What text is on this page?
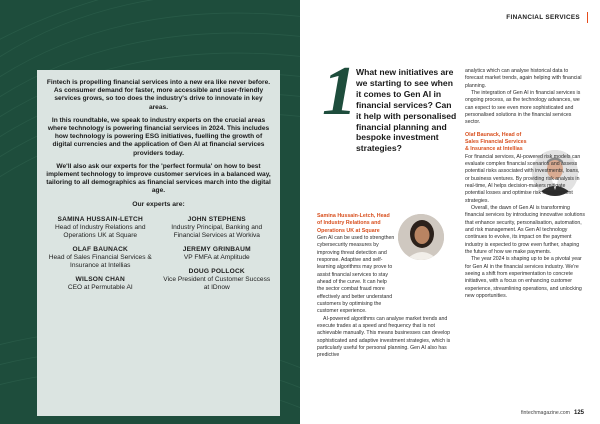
Fintech is propelling financial services into a new era like never before. As consumer demand for faster, more accessible and user-friendly services grows, so too does the industry's drive to innovate in key areas.

In this roundtable, we speak to industry experts on the crucial areas where technology is powering financial services in 2024. This includes how technology is powering ESG initiatives, fuelling the growth of digital currencies and the application of Gen AI at financial services providers today.

We'll also ask our experts for the 'perfect formula' on how to best implement technology to improve customer services in a balanced way, tailoring to all demographics as financial services march into the digital age.

Our experts are:
SAMINA HUSSAIN-LETCH
Head of Industry Relations and Operations UK at Square
OLAF BAUNACK
Head of Sales Financial Services & Insurance at Intellias
WILSON CHAN
CEO at Permutable AI
JOHN STEPHENS
Industry Principal, Banking and Financial Services at Workiva
JEREMY GRINBAUM
VP FMFA at Amplitude
DOUG POLLOCK
Vice President of Customer Success at IDnow
FINANCIAL SERVICES
1 What new initiatives are we starting to see when it comes to Gen AI in financial services? Can it help with personalised financial planning and bespoke investment strategies?
Samina Hussain-Letch, Head of Industry Relations and Operations UK at Square
Gen AI can be used to strengthen cybersecurity measures by improving threat detection and response. Adaptive and self-learning algorithms may prove to assist financial services to stay ahead of the curve. It can help the sector combat fraud more effectively and better understand customers by optimising the customer experience.
AI-powered algorithms can analyse market trends and execute trades at a speed and frequency that is not achievable manually. This means businesses can develop sophisticated and adaptive investment strategies, which is particularly useful for personal planning. Gen AI also has predictive
analytics which can analyse historical data to forecast market trends, again helping with financial planning.
The integration of Gen AI in financial services is ongoing process, as the technology advances, we can expect to see even more sophisticated and personalised solutions in the financial services sector.
Olaf Baunack, Head of Sales Financial Services & Insurance at Intellias
For financial services, AI-powered risk models can evaluate complex financial scenarios and assess potential risks associated with investments, loans, or business ventures. By providing risk analysis in real-time, AI helps decision-makers mitigate potential losses and optimise risk management strategies.
Overall, the dawn of Gen AI is transforming financial services by introducing innovative solutions that enhance security, personalisation, automation, and risk management. As Gen AI technology continues to evolve, its impact on the payment industry is expected to grow even further, shaping the future of how we make payments.
The year 2024 is shaping up to be a pivotal year for Gen AI in the financial services industry. We're seeing a shift from experimentation to concrete initiatives, with a focus on enhancing customer experience, streamlining operations, and unlocking new opportunities.
fintechmagazine.com 125
